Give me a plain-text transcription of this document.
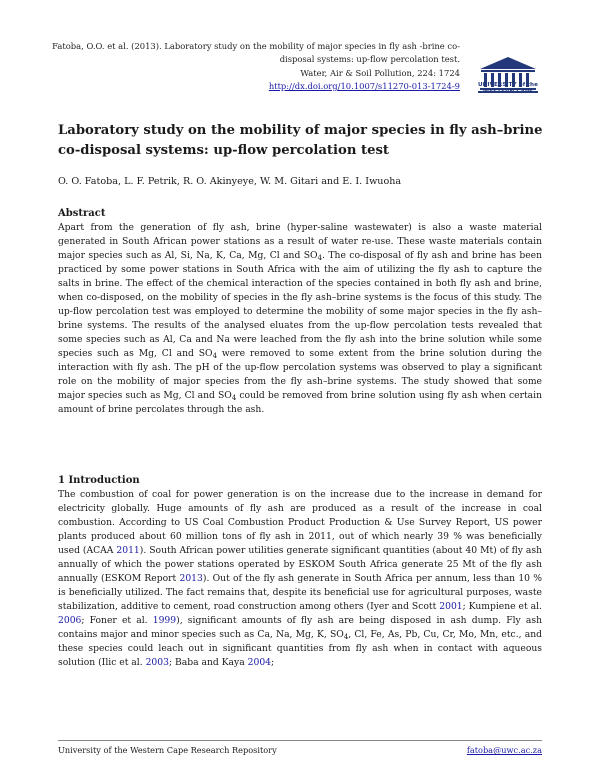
Fatoba, O.O. et al. (2013). Laboratory study on the mobility of major species in fly ash -brine co-
disposal systems: up-flow percolation test.
Water, Air & Soil Pollution, 224: 1724
http://dx.doi.org/10.1007/s11270-013-1724-9	UNIVERSITY of the
WESTERN CAPE
Laboratory study on the mobility of major species in fly ash–brine co-disposal systems: up-flow percolation test
O. O. Fatoba, L. F. Petrik, R. O. Akinyeye, W. M. Gitari and E. I. Iwuoha
Abstract

Apart from the generation of fly ash, brine (hyper-saline wastewater) is also a waste material generated in South African power stations as a result of water re-use. These waste materials contain major species such as Al, Si, Na, K, Ca, Mg, Cl and $SO_4$. The co-disposal of fly ash and brine has been practiced by some power stations in South Africa with the aim of utilizing the fly ash to capture the salts in brine. The effect of the chemical interaction of the species contained in both fly ash and brine, when co-disposed, on the mobility of species in the fly ash–brine systems is the focus of this study. The up-flow percolation test was employed to determine the mobility of some major species in the fly ash–brine systems. The results of the analysed eluates from the up-flow percolation tests revealed that some species such as Al, Ca and Na were leached from the fly ash into the brine solution while some species such as Mg, Cl and $SO_4$ were removed to some extent from the brine solution during the interaction with fly ash. The pH of the up-flow percolation systems was observed to play a significant role on the mobility of major species from the fly ash–brine systems. The study showed that some major species such as Mg, Cl and $SO_4$ could be removed from brine solution using fly ash when certain amount of brine percolates through the ash.

1 Introduction

The combustion of coal for power generation is on the increase due to the increase in demand for electricity globally. Huge amounts of fly ash are produced as a result of the increase in coal combustion. According to US Coal Combustion Product Production & Use Survey Report, US power plants produced about 60 million tons of fly ash in 2011, out of which nearly 39 % was beneficially used (ACAA 2011). South African power utilities generate significant quantities (about 40 Mt) of fly ash annually of which the power stations operated by ESKOM South Africa generate 25 Mt of the fly ash annually (ESKOM Report 2013). Out of the fly ash generate in South Africa per annum, less than 10 % is beneficially utilized. The fact remains that, despite its beneficial use for agricultural purposes, waste stabilization, additive to cement, road construction among others (Iyer and Scott 2001; Kumpiene et al. 2006; Foner et al. 1999), significant amounts of fly ash are being disposed in ash dump. Fly ash contains major and minor species such as Ca, Na, Mg, K, $SO_4$, Cl, Fe, As, Pb, Cu, Cr, Mo, Mn, etc., and these species could leach out in significant quantities from fly ash when in contact with aqueous solution (Ilic et al. 2003; Baba and Kaya 2004;

University of the Western Cape Research Repository	fatoba@uwc.ac.za
